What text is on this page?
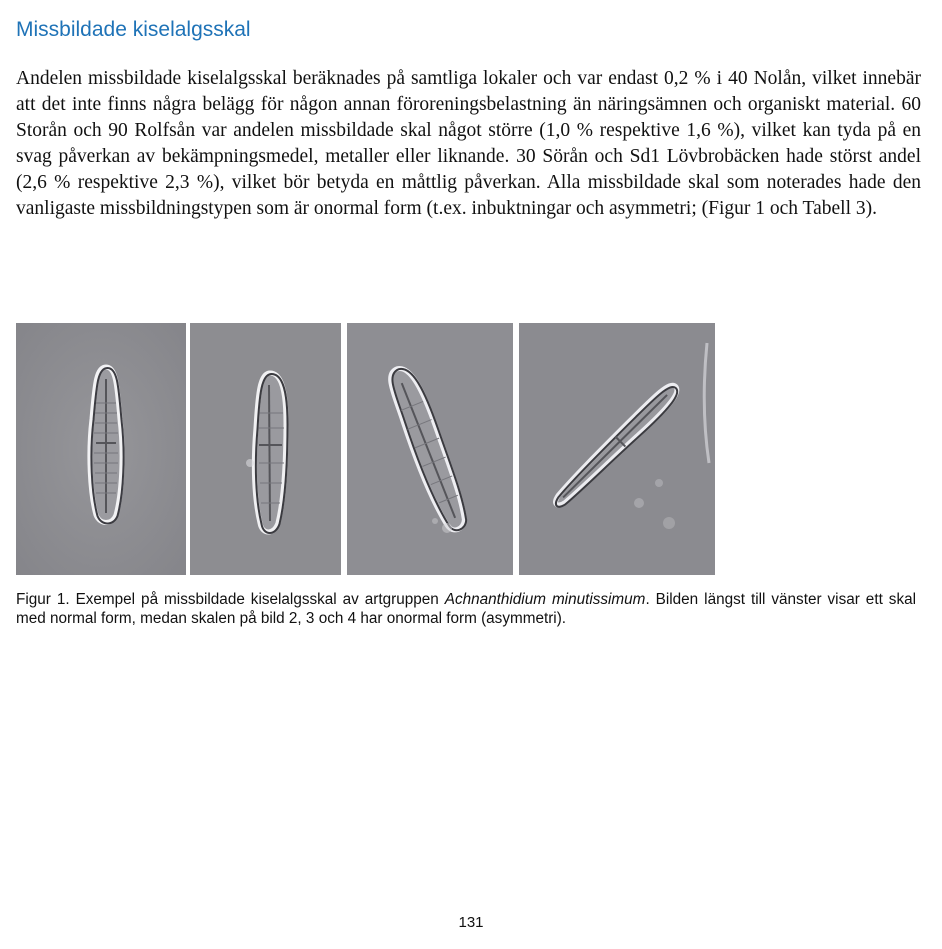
Missbildade kiselalgsskal

Andelen missbildade kiselalgsskal beräknades på samtliga lokaler och var endast 0,2 % i 40 Nolån, vilket innebär att det inte finns några belägg för någon annan föroreningsbelastning än näringsämnen och organiskt material. 60 Storån och 90 Rolfsån var andelen missbildade skal något större (1,0 % respektive 1,6 %), vilket kan tyda på en svag påverkan av bekämpningsmedel, metaller eller liknande. 30 Sörån och Sd1 Lövbrobäcken hade störst andel (2,6 % respektive 2,3 %), vilket bör betyda en måttlig påverkan. Alla missbildade skal som noterades hade den vanligaste missbildningstypen som är onormal form (t.ex. inbuktningar och asymmetri; (Figur 1 och Tabell 3).

Figur 1. Exempel på missbildade kiselalgsskal av artgruppen Achnanthidium minutissimum. Bilden längst till vänster visar ett skal med normal form, medan skalen på bild 2, 3 och 4 har onormal form (asymmetri).

131
